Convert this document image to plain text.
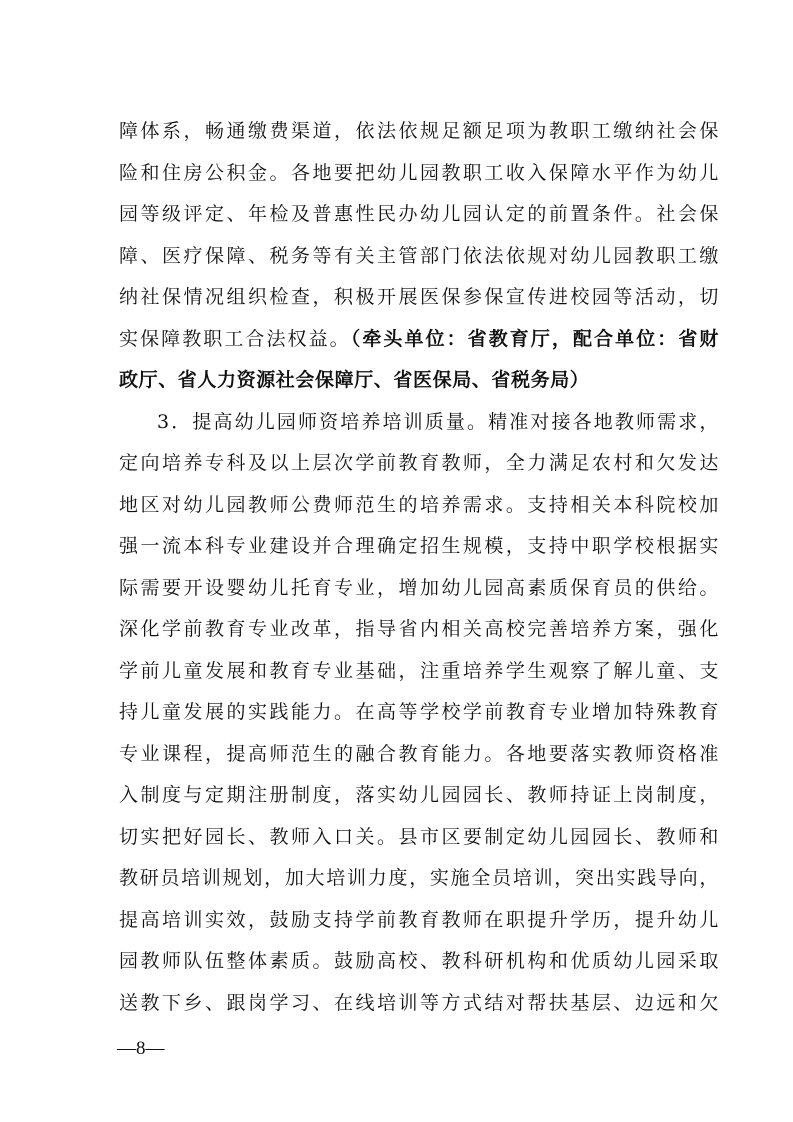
障体系，畅通缴费渠道，依法依规足额足项为教职工缴纳社会保
险和住房公积金。各地要把幼儿园教职工收入保障水平作为幼儿
园等级评定、年检及普惠性民办幼儿园认定的前置条件。社会保
障、医疗保障、税务等有关主管部门依法依规对幼儿园教职工缴
纳社保情况组织检查，积极开展医保参保宣传进校园等活动，切
实保障教职工合法权益。（牵头单位：省教育厅，配合单位：省财
政厅、省人力资源社会保障厅、省医保局、省税务局）
3．提高幼儿园师资培养培训质量。精准对接各地教师需求，
定向培养专科及以上层次学前教育教师，全力满足农村和欠发达
地区对幼儿园教师公费师范生的培养需求。支持相关本科院校加
强一流本科专业建设并合理确定招生规模，支持中职学校根据实
际需要开设婴幼儿托育专业，增加幼儿园高素质保育员的供给。
深化学前教育专业改革，指导省内相关高校完善培养方案，强化
学前儿童发展和教育专业基础，注重培养学生观察了解儿童、支
持儿童发展的实践能力。在高等学校学前教育专业增加特殊教育
专业课程，提高师范生的融合教育能力。各地要落实教师资格准
入制度与定期注册制度，落实幼儿园园长、教师持证上岗制度，
切实把好园长、教师入口关。县市区要制定幼儿园园长、教师和
教研员培训规划，加大培训力度，实施全员培训，突出实践导向，
提高培训实效，鼓励支持学前教育教师在职提升学历，提升幼儿
园教师队伍整体素质。鼓励高校、教科研机构和优质幼儿园采取
送教下乡、跟岗学习、在线培训等方式结对帮扶基层、边远和欠
—8—
